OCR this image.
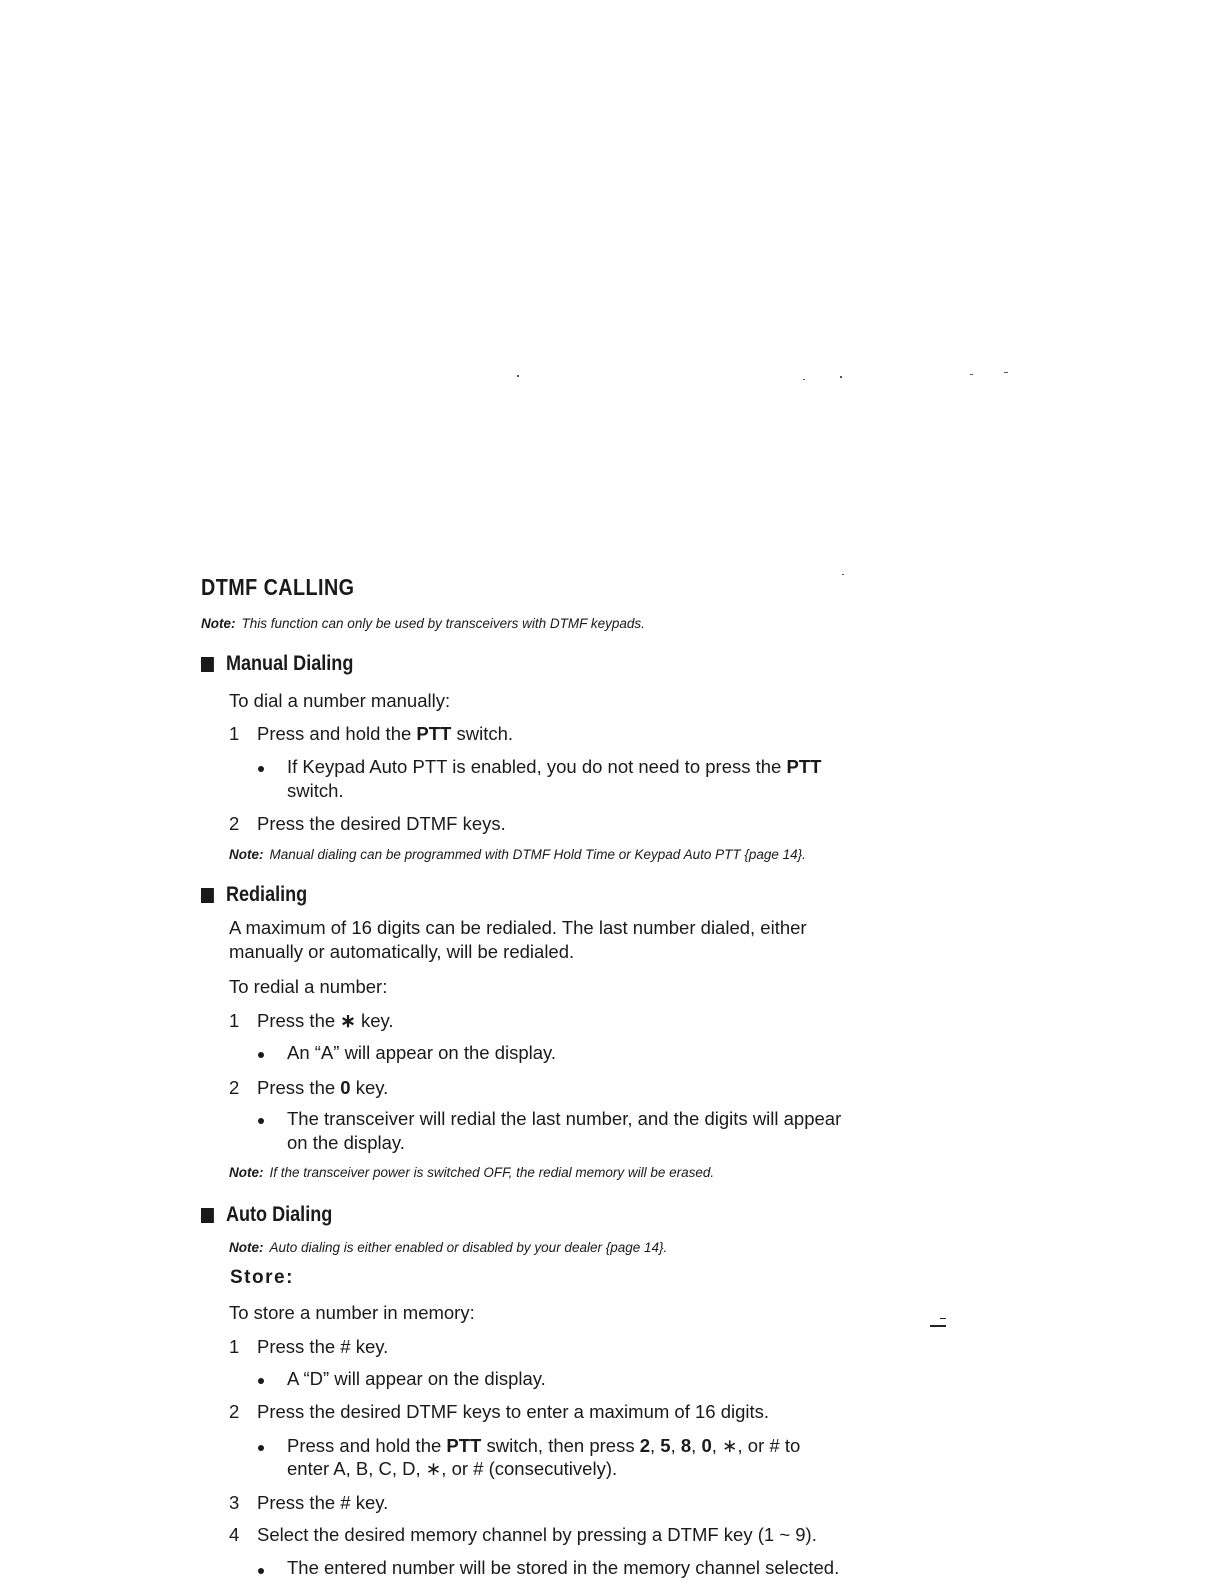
DTMF CALLING

Note: This function can only be used by transceivers with DTMF keypads.

Manual Dialing

To dial a number manually:

1 Press and hold the PTT switch.

If Keypad Auto PTT is enabled, you do not need to press the PTT

switch.

2 Press the desired DTMF keys.

Note: Manual dialing can be programmed with DTMF Hold Time or Keypad Auto PTT {page 14}.

Redialing

A maximum of 16 digits can be redialed. The last number dialed, either

manually or automatically, will be redialed.

To redial a number:

1 Press the ∗ key.

An “A” will appear on the display.

2 Press the 0 key.

The transceiver will redial the last number, and the digits will appear

on the display.

Note: If the transceiver power is switched OFF, the redial memory will be erased.

Auto Dialing

Note: Auto dialing is either enabled or disabled by your dealer {page 14}.

Store:

To store a number in memory:

1 Press the # key.

A “D” will appear on the display.

2 Press the desired DTMF keys to enter a maximum of 16 digits.

Press and hold the PTT switch, then press 2, 5, 8, 0, ∗, or # to

enter A, B, C, D, ∗, or # (consecutively).

3 Press the # key.

4 Select the desired memory channel by pressing a DTMF key (1 ~ 9).

The entered number will be stored in the memory channel selected.
